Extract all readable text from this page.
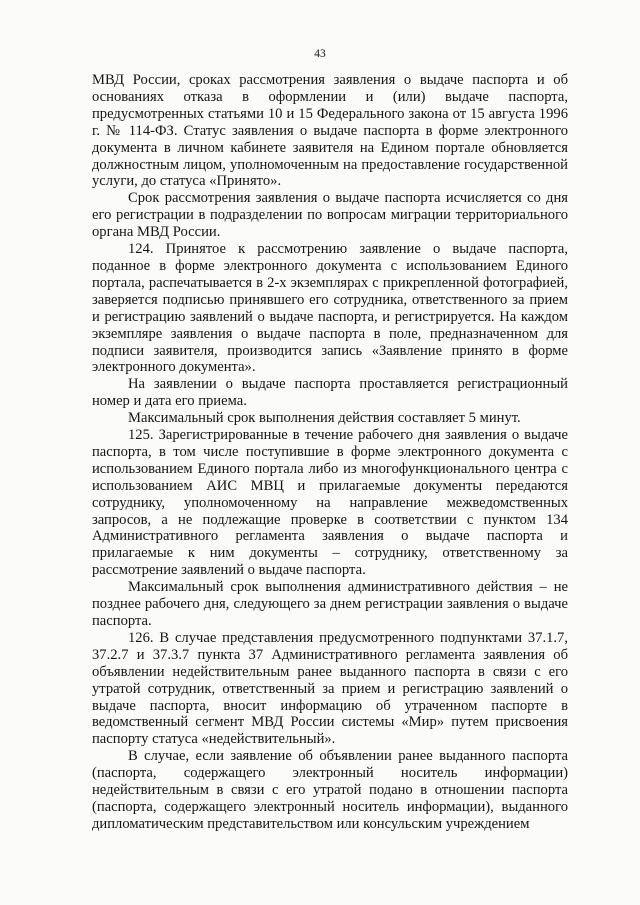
43

МВД России, сроках рассмотрения заявления о выдаче паспорта и об основаниях отказа в оформлении и (или) выдаче паспорта, предусмотренных статьями 10 и 15 Федерального закона от 15 августа 1996 г. № 114-ФЗ. Статус заявления о выдаче паспорта в форме электронного документа в личном кабинете заявителя на Едином портале обновляется должностным лицом, уполномоченным на предоставление государственной услуги, до статуса «Принято».

Срок рассмотрения заявления о выдаче паспорта исчисляется со дня его регистрации в подразделении по вопросам миграции территориального органа МВД России.

124. Принятое к рассмотрению заявление о выдаче паспорта, поданное в форме электронного документа с использованием Единого портала, распечатывается в 2-х экземплярах с прикрепленной фотографией, заверяется подписью принявшего его сотрудника, ответственного за прием и регистрацию заявлений о выдаче паспорта, и регистрируется. На каждом экземпляре заявления о выдаче паспорта в поле, предназначенном для подписи заявителя, производится запись «Заявление принято в форме электронного документа».

На заявлении о выдаче паспорта проставляется регистрационный номер и дата его приема.

Максимальный срок выполнения действия составляет 5 минут.

125. Зарегистрированные в течение рабочего дня заявления о выдаче паспорта, в том числе поступившие в форме электронного документа с использованием Единого портала либо из многофункционального центра с использованием АИС МВЦ и прилагаемые документы передаются сотруднику, уполномоченному на направление межведомственных запросов, а не подлежащие проверке в соответствии с пунктом 134 Административного регламента заявления о выдаче паспорта и прилагаемые к ним документы – сотруднику, ответственному за рассмотрение заявлений о выдаче паспорта.

Максимальный срок выполнения административного действия – не позднее рабочего дня, следующего за днем регистрации заявления о выдаче паспорта.

126. В случае представления предусмотренного подпунктами 37.1.7, 37.2.7 и 37.3.7 пункта 37 Административного регламента заявления об объявлении недействительным ранее выданного паспорта в связи с его утратой сотрудник, ответственный за прием и регистрацию заявлений о выдаче паспорта, вносит информацию об утраченном паспорте в ведомственный сегмент МВД России системы «Мир» путем присвоения паспорту статуса «недействительный».

В случае, если заявление об объявлении ранее выданного паспорта (паспорта, содержащего электронный носитель информации) недействительным в связи с его утратой подано в отношении паспорта (паспорта, содержащего электронный носитель информации), выданного дипломатическим представительством или консульским учреждением
